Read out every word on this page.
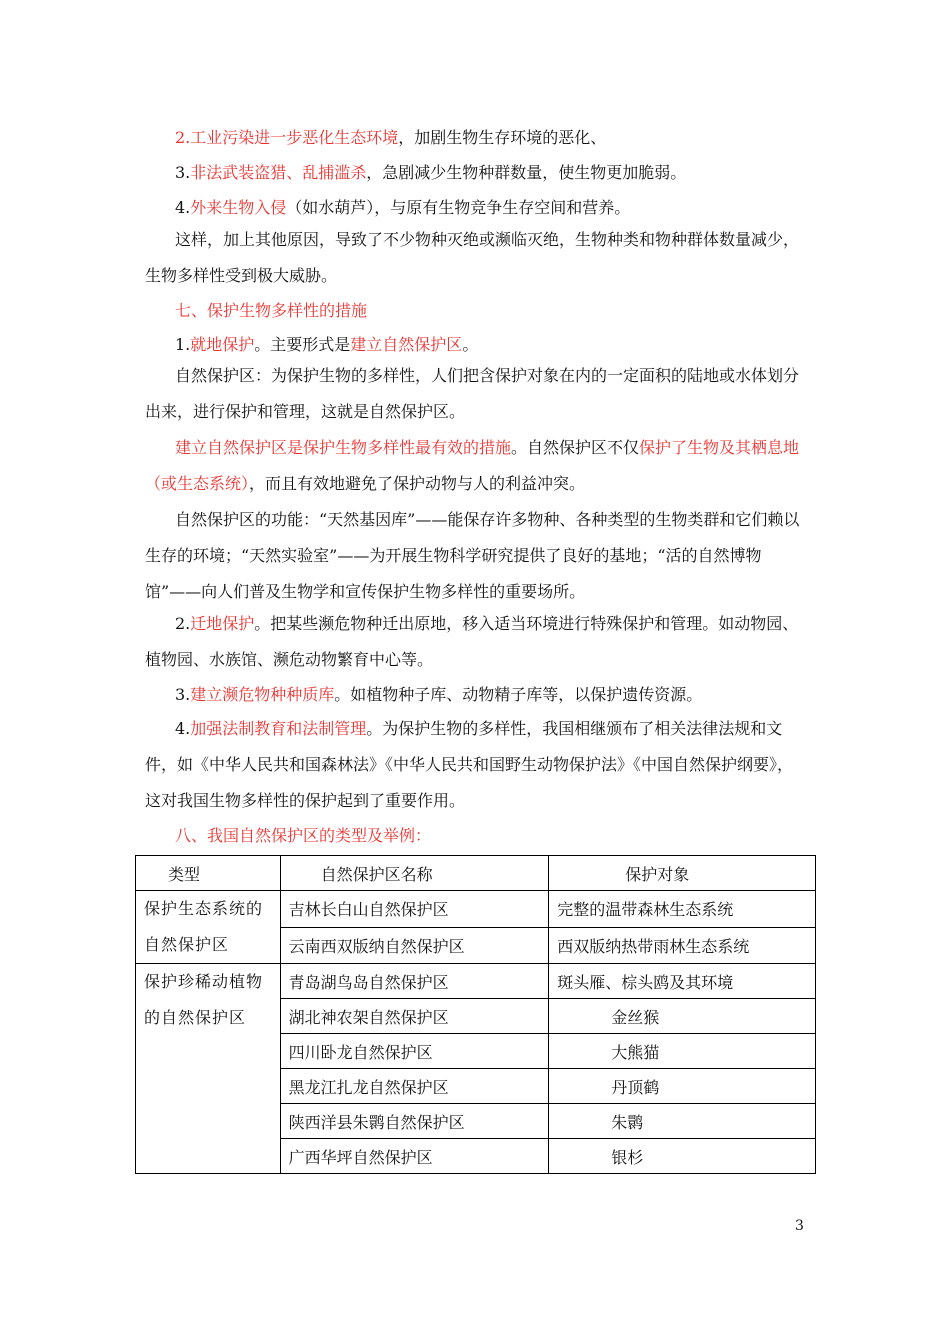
2.工业污染进一步恶化生态环境，加剧生物生存环境的恶化、
3.非法武装盗猎、乱捕滥杀，急剧减少生物种群数量，使生物更加脆弱。
4.外来生物入侵（如水葫芦），与原有生物竞争生存空间和营养。
这样，加上其他原因，导致了不少物种灭绝或濒临灭绝，生物种类和物种群体数量减少，生物多样性受到极大威胁。
七、保护生物多样性的措施
1.就地保护。主要形式是建立自然保护区。
自然保护区：为保护生物的多样性，人们把含保护对象在内的一定面积的陆地或水体划分出来，进行保护和管理，这就是自然保护区。
建立自然保护区是保护生物多样性最有效的措施。自然保护区不仅保护了生物及其栖息地（或生态系统），而且有效地避免了保护动物与人的利益冲突。
自然保护区的功能：“天然基因库”——能保存许多物种、各种类型的生物类群和它们赖以生存的环境；“天然实验室”——为开展生物科学研究提供了良好的基地；“活的自然博物馆”——向人们普及生物学和宣传保护生物多样性的重要场所。
2.迁地保护。把某些濒危物种迁出原地，移入适当环境进行特殊保护和管理。如动物园、植物园、水族馆、濒危动物繁育中心等。
3.建立濒危物种种质库。如植物种子库、动物精子库等，以保护遗传资源。
4.加强法制教育和法制管理。为保护生物的多样性，我国相继颁布了相关法律法规和文件，如《中华人民共和国森林法》《中华人民共和国野生动物保护法》《中国自然保护纲要》，这对我国生物多样性的保护起到了重要作用。
八、我国自然保护区的类型及举例：
类型	自然保护区名称	保护对象
保护生态系统的自然保护区	吉林长白山自然保护区	完整的温带森林生态系统
	云南西双版纳自然保护区	西双版纳热带雨林生态系统
保护珍稀动植物的自然保护区	青岛湖鸟岛自然保护区	斑头雁、棕头鸥及其环境
	湖北神农架自然保护区	金丝猴
	四川卧龙自然保护区	大熊猫
	黑龙江扎龙自然保护区	丹顶鹤
	陕西洋县朱鹮自然保护区	朱鹮
	广西华坪自然保护区	银杉
3
